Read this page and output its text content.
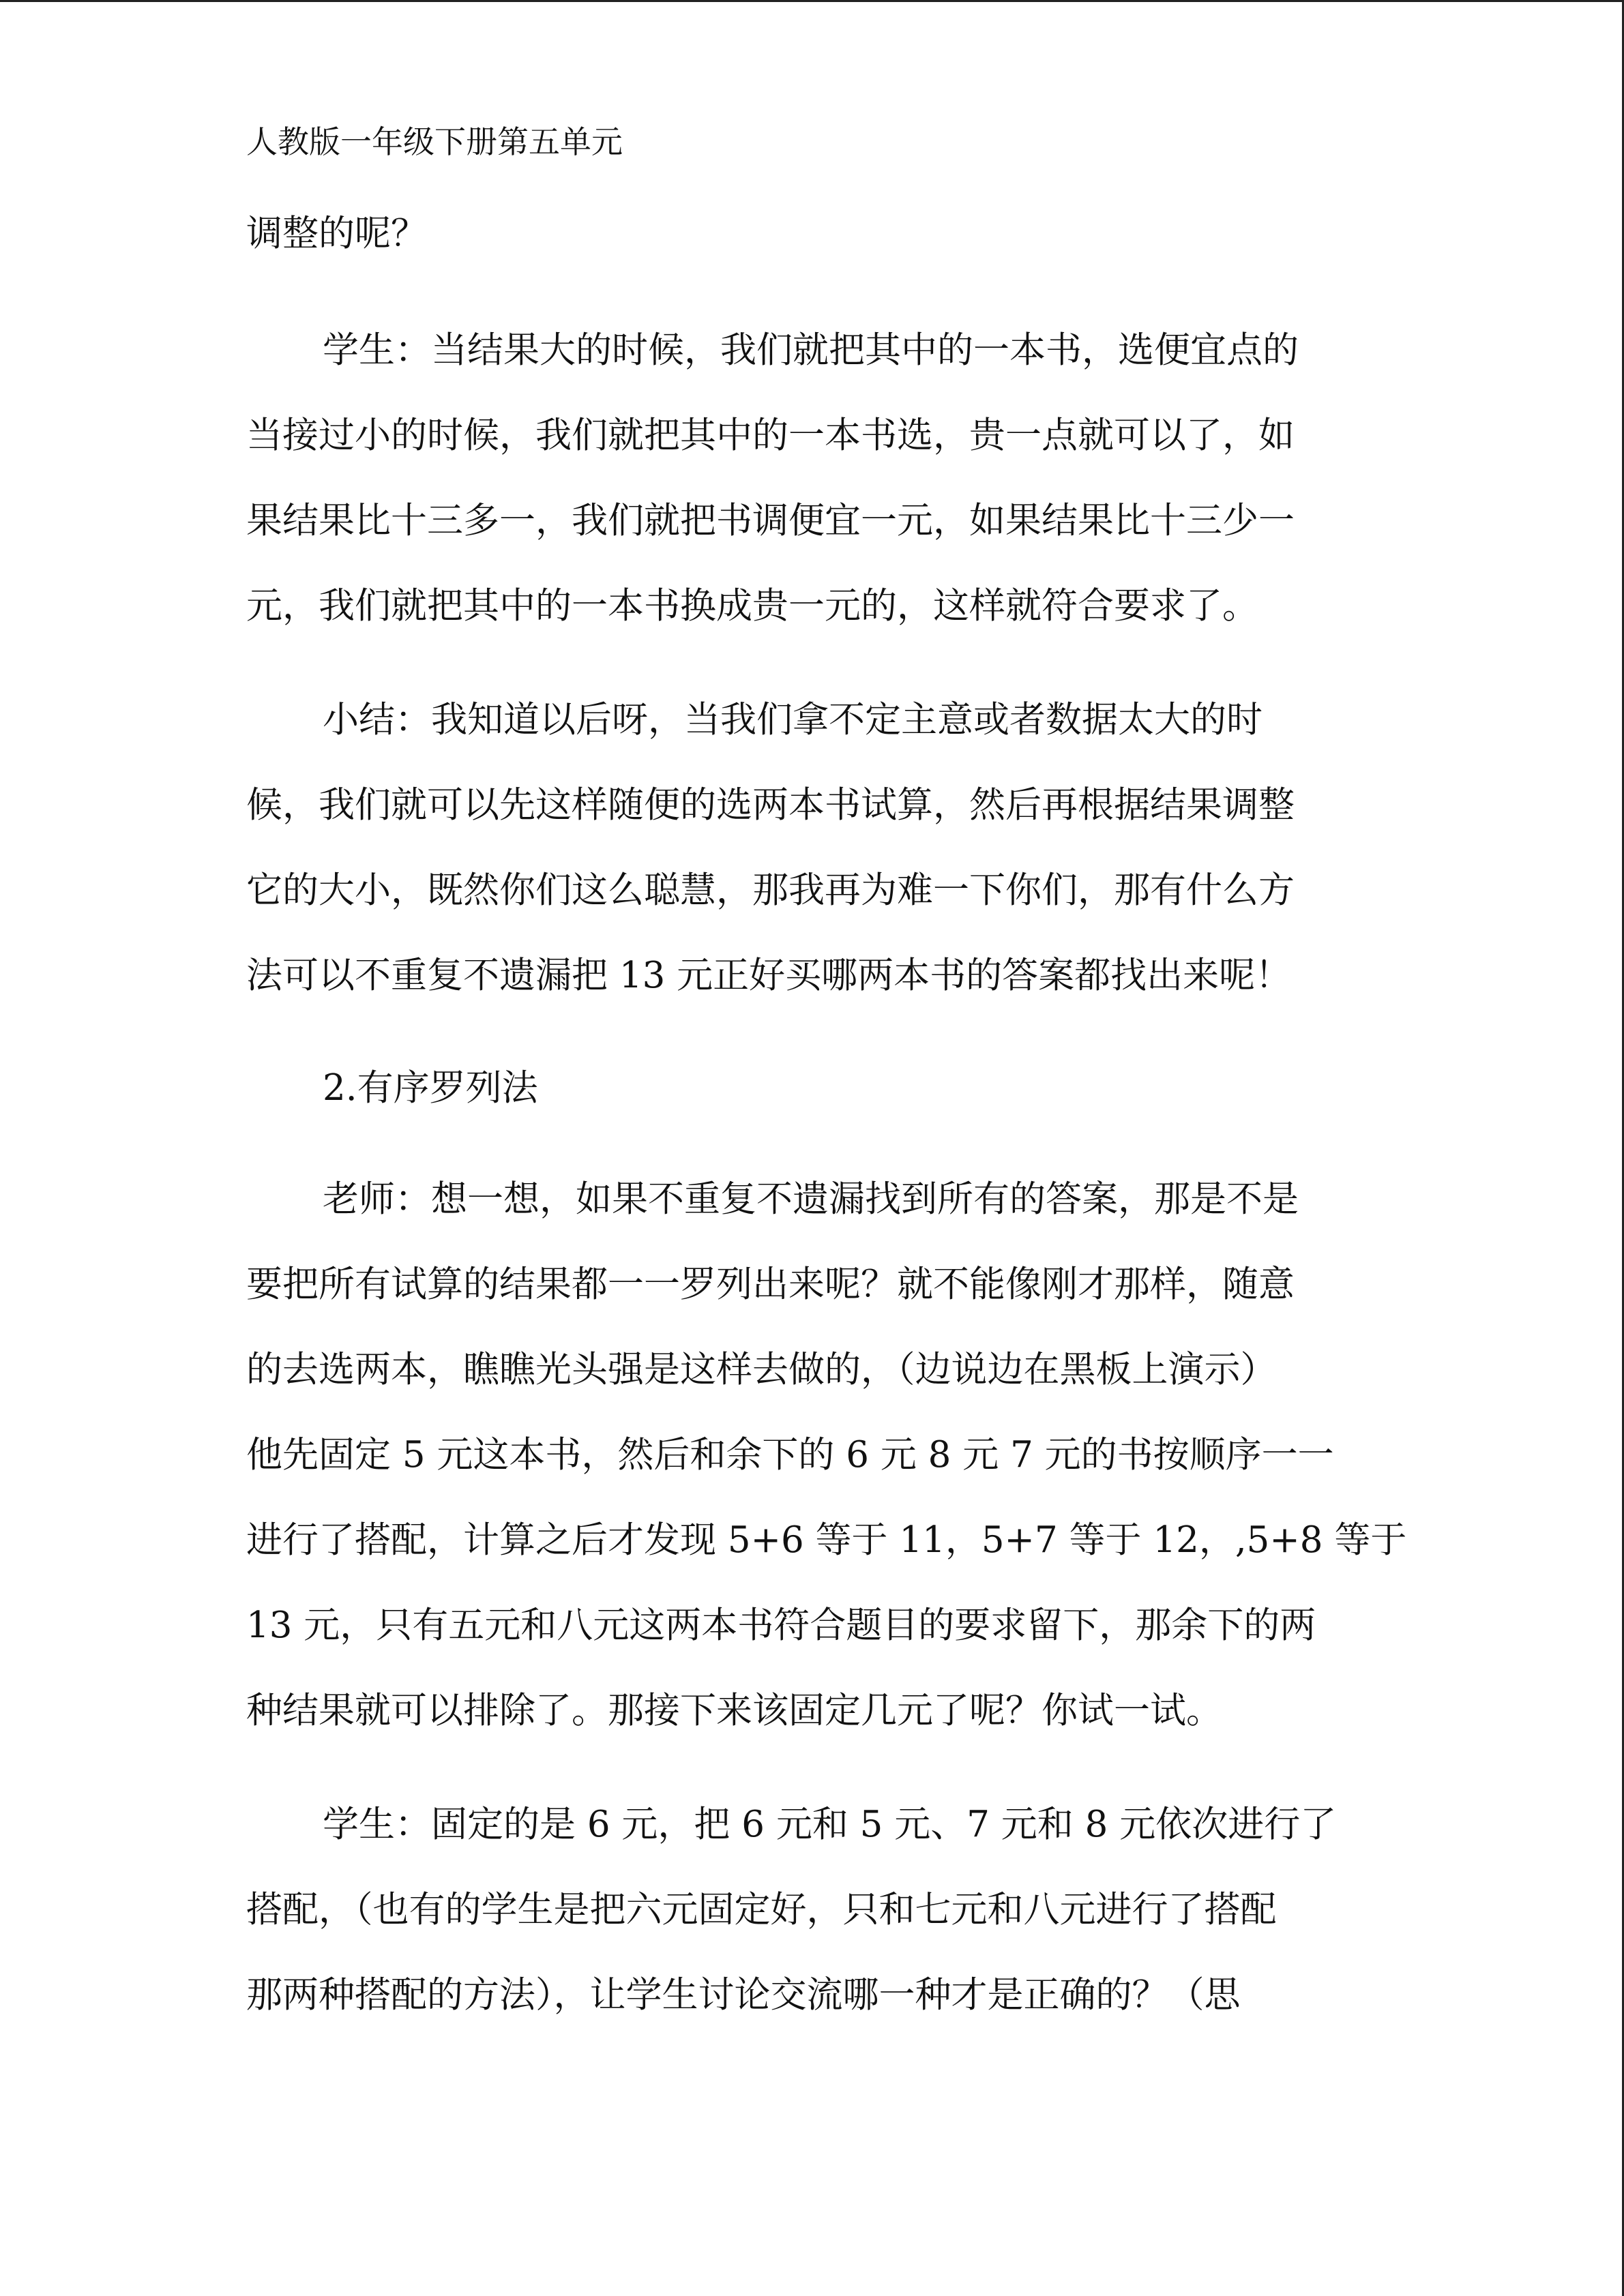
人教版一年级下册第五单元
调整的呢？
学生：当结果大的时候，我们就把其中的一本书，选便宜点的
当接过小的时候，我们就把其中的一本书选，贵一点就可以了，如
果结果比十三多一，我们就把书调便宜一元，如果结果比十三少一
元，我们就把其中的一本书换成贵一元的，这样就符合要求了。
小结：我知道以后呀，当我们拿不定主意或者数据太大的时
候，我们就可以先这样随便的选两本书试算，然后再根据结果调整
它的大小，既然你们这么聪慧，那我再为难一下你们，那有什么方
法可以不重复不遗漏把 13 元正好买哪两本书的答案都找出来呢！
2.有序罗列法
老师：想一想，如果不重复不遗漏找到所有的答案，那是不是
要把所有试算的结果都一一罗列出来呢？就不能像刚才那样，随意
的去选两本，瞧瞧光头强是这样去做的，（边说边在黑板上演示）
他先固定 5 元这本书，然后和余下的 6 元 8 元 7 元的书按顺序一一
进行了搭配，计算之后才发现 5+6 等于 11，5+7 等于 12，,5+8 等于
13 元，只有五元和八元这两本书符合题目的要求留下，那余下的两
种结果就可以排除了。那接下来该固定几元了呢？你试一试。
学生：固定的是 6 元，把 6 元和 5 元、7 元和 8 元依次进行了
搭配，（也有的学生是把六元固定好，只和七元和八元进行了搭配
那两种搭配的方法），让学生讨论交流哪一种才是正确的？（思
